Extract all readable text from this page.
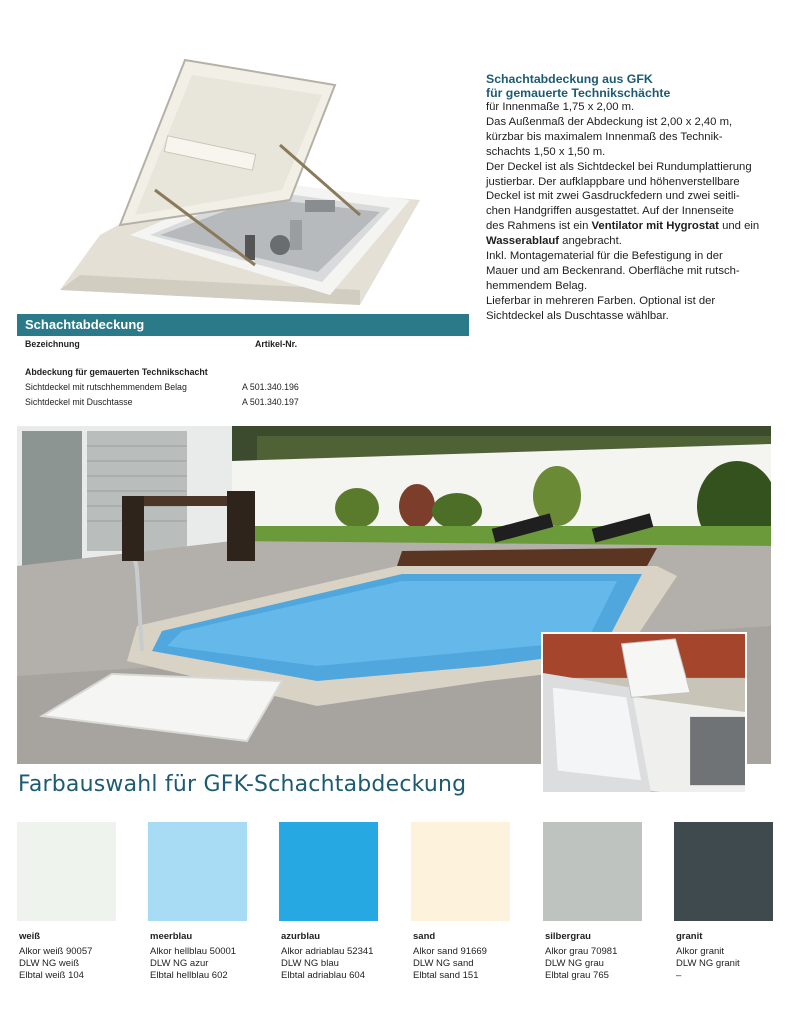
Schachtabdeckung aus GFK
für gemauerte Technikschächte

für Innenmaße 1,75 x 2,00 m.

Das Außenmaß der Abdeckung ist 2,00 x 2,40 m,

kürzbar bis maximalem Innenmaß des Technik-

schachts 1,50 x 1,50 m.

Der Deckel ist als Sichtdeckel bei Rundumplattierung

justierbar. Der aufklappbare und höhenverstellbare

Deckel ist mit zwei Gasdruckfedern und zwei seitli-

chen Handgriffen ausgestattet. Auf der Innenseite

des Rahmens ist ein Ventilator mit Hygrostat und ein

Wasserablauf angebracht.

Inkl. Montagematerial für die Befestigung in der

Mauer und am Beckenrand. Oberfläche mit rutsch-

hemmendem Belag.

Lieferbar in mehreren Farben. Optional ist der

Sichtdeckel als Duschtasse wählbar.

Schachtabdeckung
Bezeichnung	Artikel-Nr.
Abdeckung für gemauerten Technikschacht
Sichtdeckel mit rutschhemmendem Belag	A 501.340.196
Sichtdeckel mit Duschtasse	A 501.340.197
Farbauswahl für GFK-Schachtabdeckung
weiß
Alkor weiß 90057
DLW NG weiß
Elbtal weiß 104
meerblau
Alkor hellblau 50001
DLW NG azur
Elbtal hellblau 602
azurblau
Alkor adriablau 52341
DLW NG blau
Elbtal adriablau 604
sand
Alkor sand 91669
DLW NG sand
Elbtal sand 151
silbergrau
Alkor grau 70981
DLW NG grau
Elbtal grau 765
granit
Alkor granit
DLW NG granit
–
